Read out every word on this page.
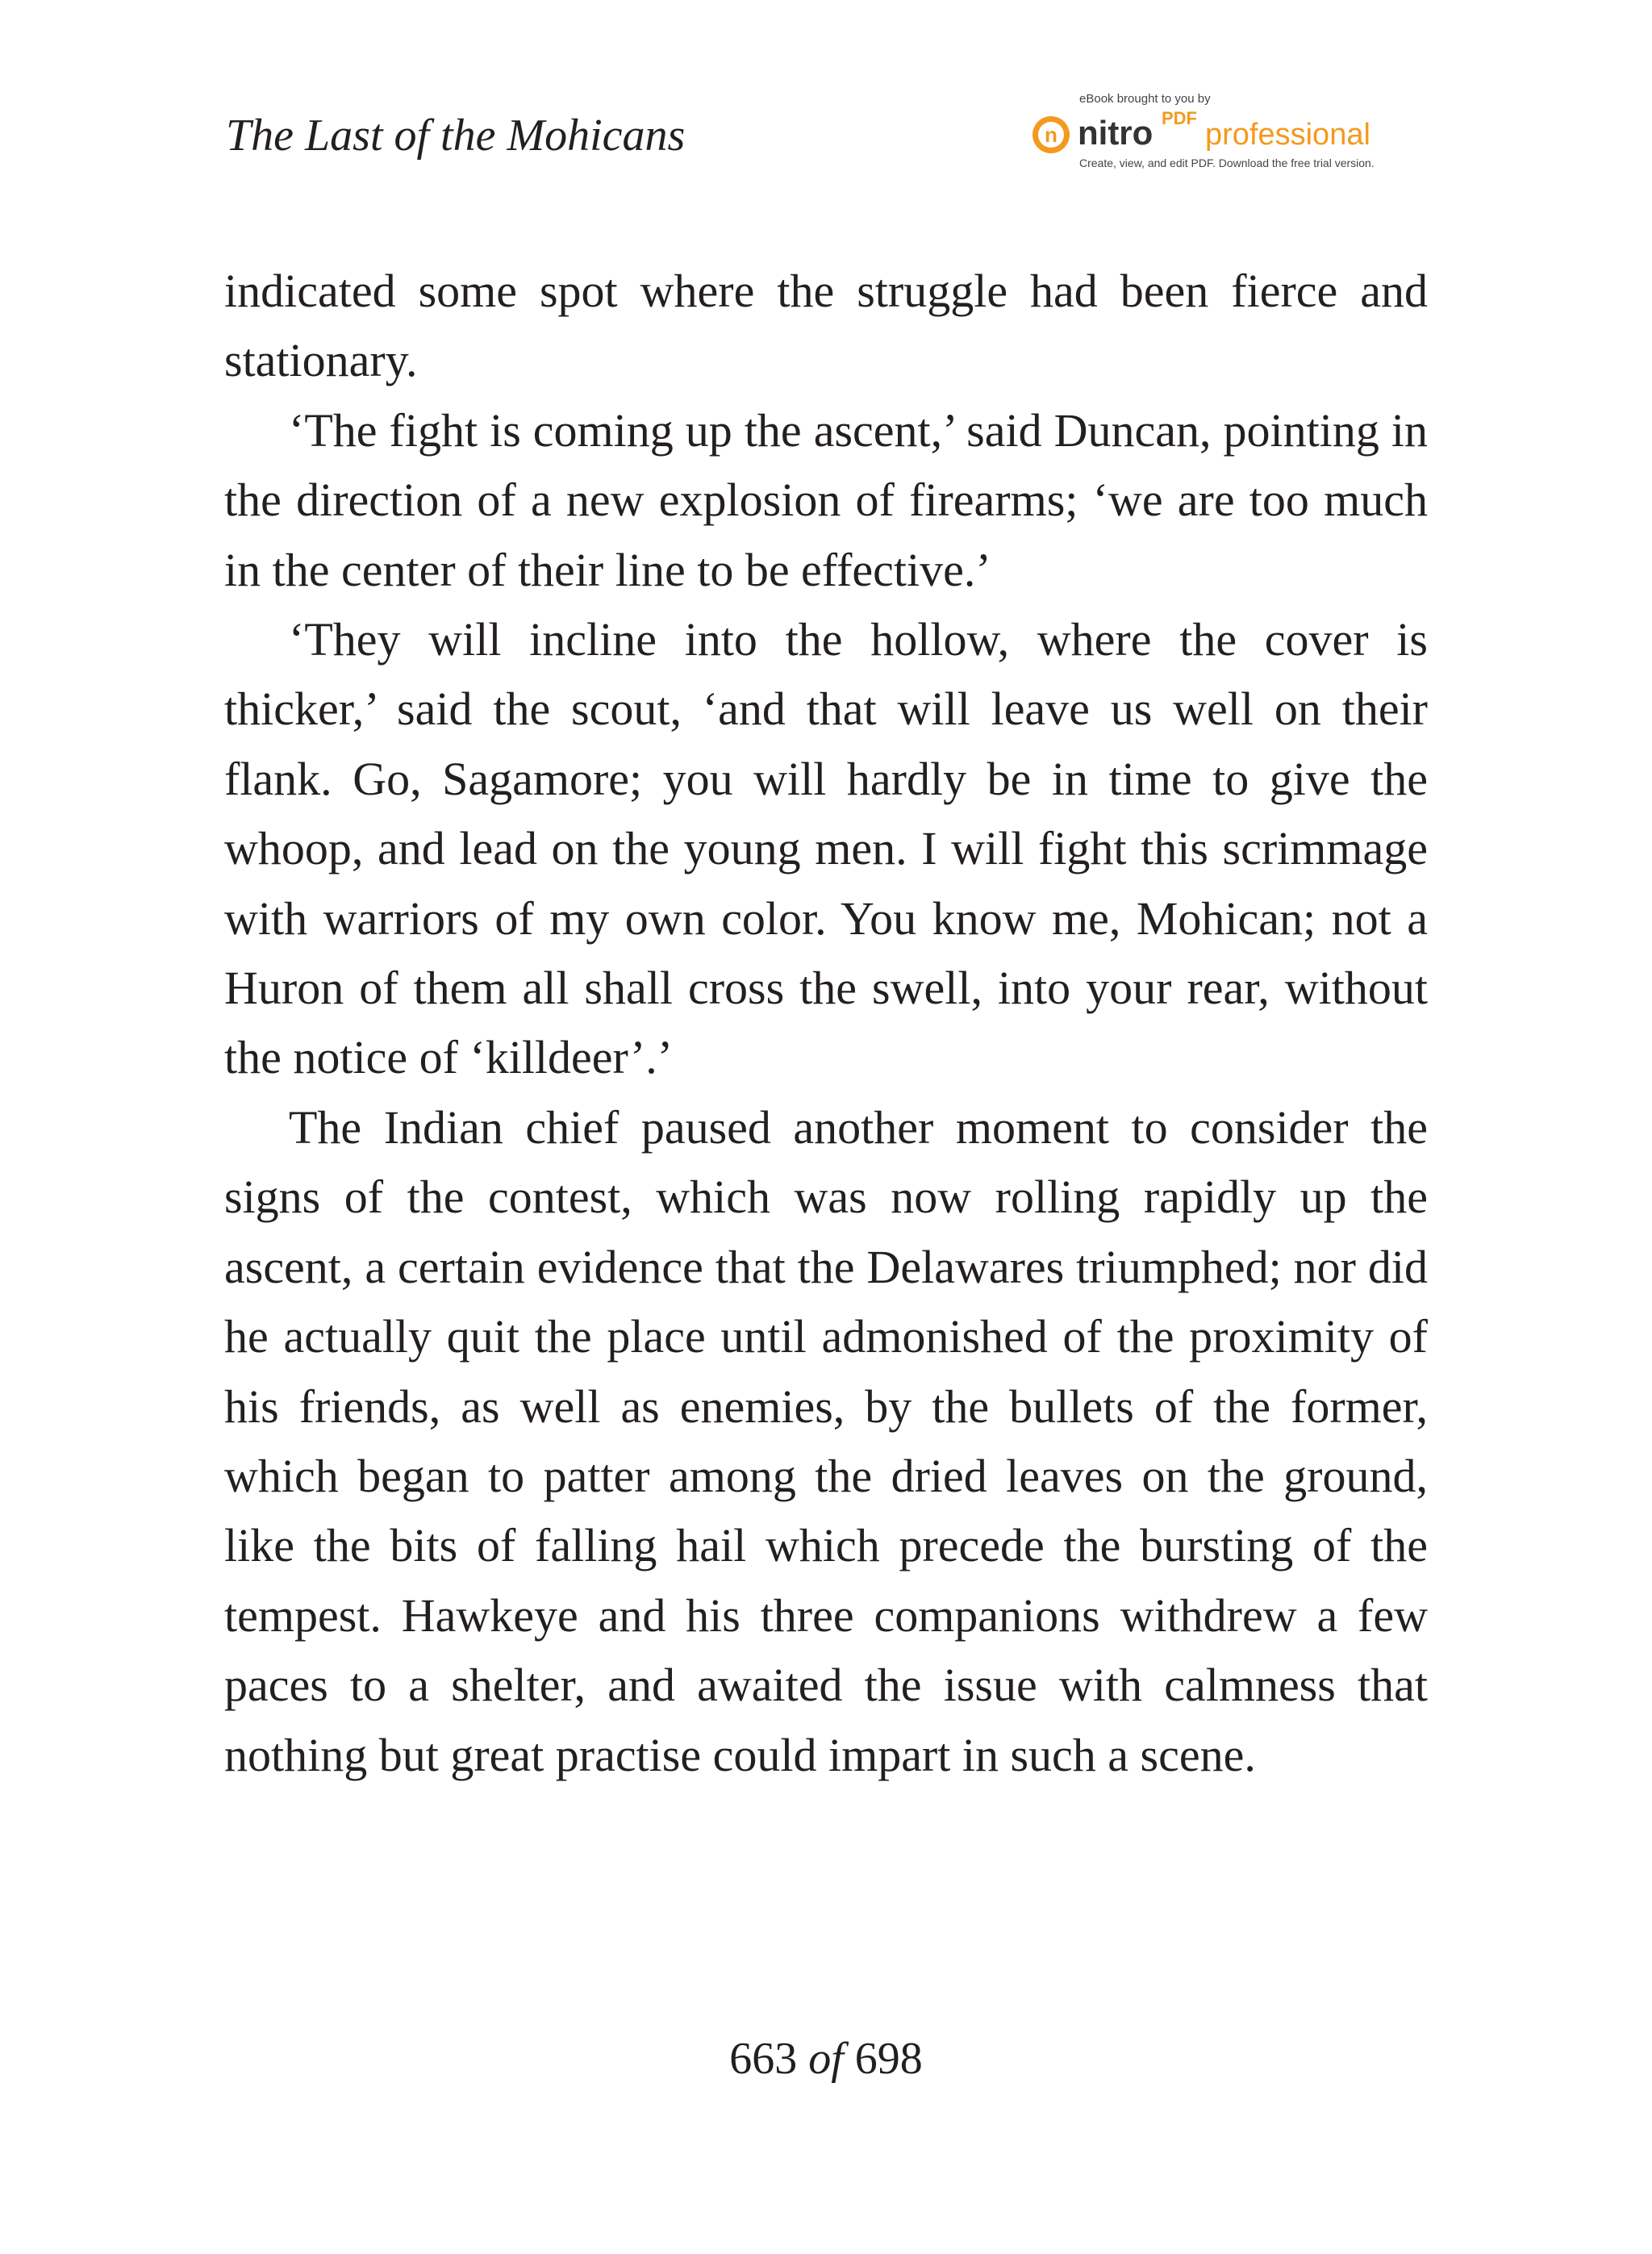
The Last of the Mohicans
eBook brought to you by
n nitro PDF professional
Create, view, and edit PDF. Download the free trial version.

indicated some spot where the struggle had been fierce and stationary.

‘The fight is coming up the ascent,’ said Duncan, pointing in the direction of a new explosion of firearms; ‘we are too much in the center of their line to be effective.’

‘They will incline into the hollow, where the cover is thicker,’ said the scout, ‘and that will leave us well on their flank. Go, Sagamore; you will hardly be in time to give the whoop, and lead on the young men. I will fight this scrimmage with warriors of my own color. You know me, Mohican; not a Huron of them all shall cross the swell, into your rear, without the notice of ‘killdeer’.’

The Indian chief paused another moment to consider the signs of the contest, which was now rolling rapidly up the ascent, a certain evidence that the Delawares triumphed; nor did he actually quit the place until admonished of the proximity of his friends, as well as enemies, by the bullets of the former, which began to patter among the dried leaves on the ground, like the bits of falling hail which precede the bursting of the tempest. Hawkeye and his three companions withdrew a few paces to a shelter, and awaited the issue with calmness that nothing but great practise could impart in such a scene.

663 of 698
